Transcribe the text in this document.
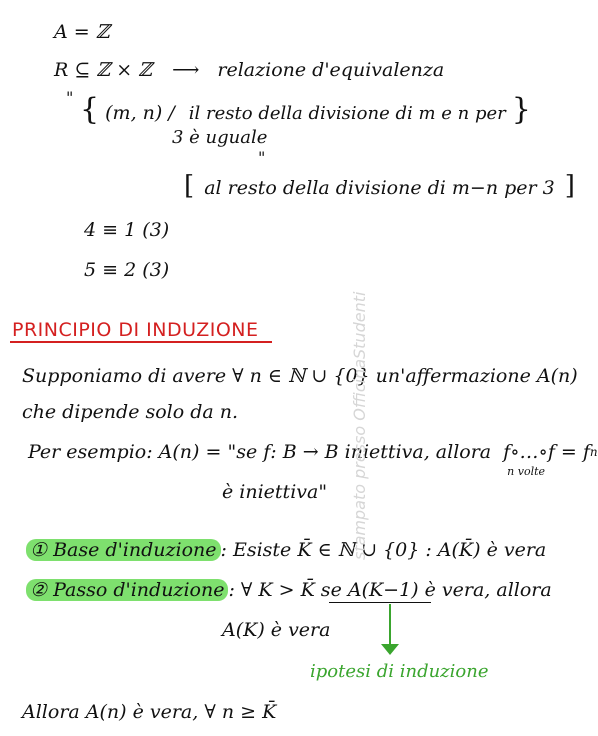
A = ℤ
R ⊆ ℤ × ℤ ⟶ relazione d'equivalenza
" { (m, n) / il resto della divisione di m e n per }
3 è uguale
"
[ al resto della divisione di m−n per 3 ]
4 ≡ 1 (3)
5 ≡ 2 (3)
PRINCIPIO DI INDUZIONE
Supponiamo di avere ∀ n ∈ ℕ ∪ {0} un'affermazione A(n)
che dipende solo da n.
Per esempio: A(n) = "se f: B → B iniettiva, allora f∘…∘f = $f^n$
n volte
è iniettiva"
① Base d'induzione : Esiste K̄ ∈ ℕ ∪ {0} : A(K̄) è vera
② Passo d'induzione : ∀ K > K̄ se A(K−1) è vera, allora
A(K) è vera
ipotesi di induzione
Allora A(n) è vera, ∀ n ≥ K̄
stampato presso OfficinaStudenti
